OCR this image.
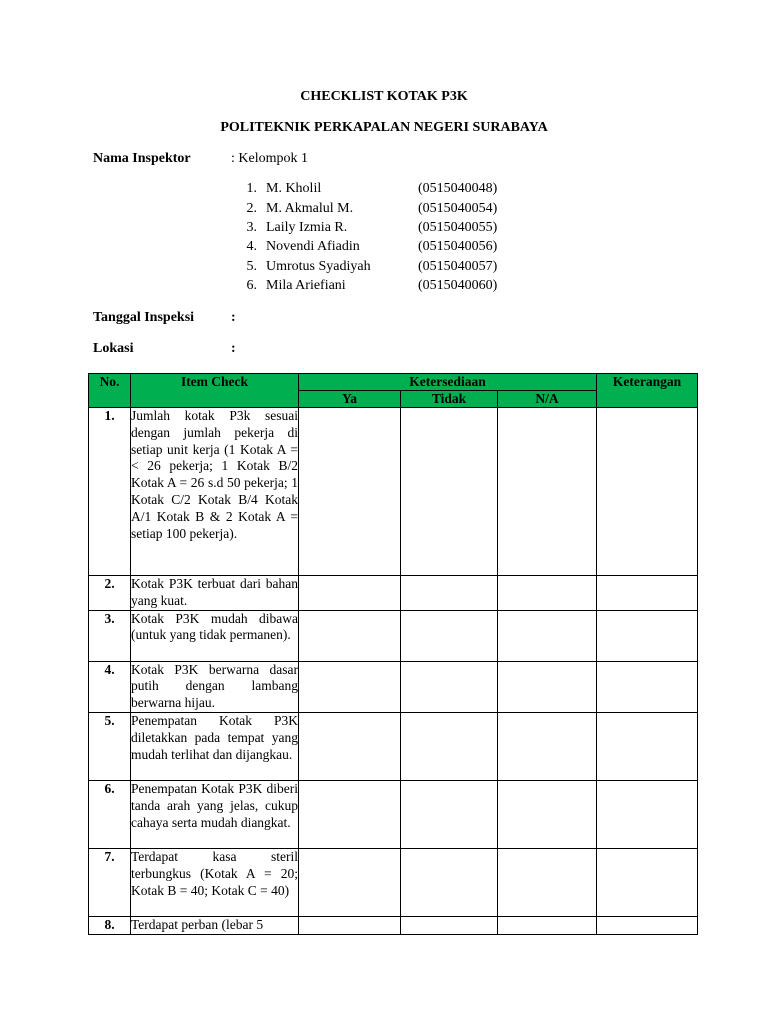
CHECKLIST KOTAK P3K
POLITEKNIK PERKAPALAN NEGERI SURABAYA
Nama Inspektor	: Kelompok 1
1. M. Kholil	(0515040048)
2. M. Akmalul M.	(0515040054)
3. Laily Izmia R.	(0515040055)
4. Novendi Afiadin	(0515040056)
5. Umrotus Syadiyah	(0515040057)
6. Mila Ariefiani	(0515040060)
Tanggal Inspeksi	:
Lokasi	:
No.	Item Check	Ketersediaan			Keterangan
		Ya	Tidak	N/A	
1.	Jumlah kotak P3k sesuai dengan jumlah pekerja di setiap unit kerja (1 Kotak A = < 26 pekerja; 1 Kotak B/2 Kotak A = 26 s.d 50 pekerja; 1 Kotak C/2 Kotak B/4 Kotak A/1 Kotak B & 2 Kotak A = setiap 100 pekerja).				
2.	Kotak P3K terbuat dari bahan yang kuat.				
3.	Kotak P3K mudah dibawa (untuk yang tidak permanen).				
4.	Kotak P3K berwarna dasar putih dengan lambang berwarna hijau.				
5.	Penempatan Kotak P3K diletakkan pada tempat yang mudah terlihat dan dijangkau.				
6.	Penempatan Kotak P3K diberi tanda arah yang jelas, cukup cahaya serta mudah diangkat.				
7.	Terdapat kasa steril terbungkus (Kotak A = 20; Kotak B = 40; Kotak C = 40)				
8.	Terdapat perban (lebar 5				
